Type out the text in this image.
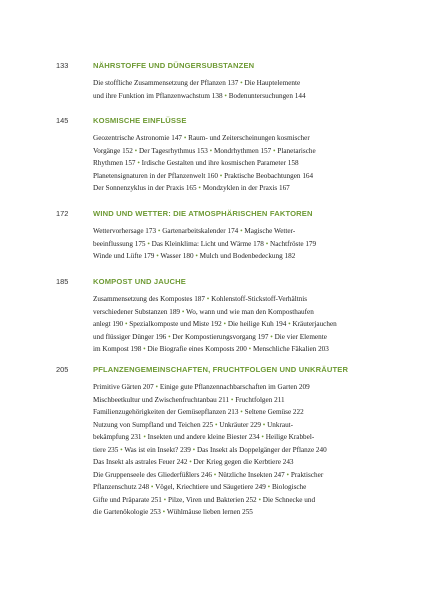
133	NÄHRSTOFFE UND DÜNGERSUBSTANZEN
Die stoffliche Zusammensetzung der Pflanzen 137 • Die Hauptelemente
und ihre Funktion im Pflanzenwachstum 138 • Bodenuntersuchungen 144
145	KOSMISCHE EINFLÜSSE
Geozentrische Astronomie 147 • Raum- und Zeiterscheinungen kosmischer
Vorgänge 152 • Der Tagesrhythmus 153 • Mondrhythmen 157 • Planetarische
Rhythmen 157 • Irdische Gestalten und ihre kosmischen Parameter 158
Planetensignaturen in der Pflanzenwelt 160 • Praktische Beobachtungen 164
Der Sonnenzyklus in der Praxis 165 • Mondzyklen in der Praxis 167
172	WIND UND WETTER: DIE ATMOSPHÄRISCHEN FAKTOREN
Wettervorhersage 173 • Gartenarbeitskalender 174 • Magische Wetter-
beeinflussung 175 • Das Kleinklima: Licht und Wärme 178 • Nachtfröste 179
Winde und Lüfte 179 • Wasser 180 • Mulch und Bodenbedeckung 182
185	KOMPOST UND JAUCHE
Zusammensetzung des Kompostes 187 • Kohlenstoff-Stickstoff-Verhältnis
verschiedener Substanzen 189 • Wo, wann und wie man den Komposthaufen
anlegt 190 • Spezialkomposte und Miste 192 • Die heilige Kuh 194 • Kräuterjauchen
und flüssiger Dünger 196 • Der Kompostierungsvorgang 197 • Die vier Elemente
im Kompost 198 • Die Biografie eines Komposts 200 • Menschliche Fäkalien 203
205	PFLANZENGEMEINSCHAFTEN, FRUCHTFOLGEN UND UNKRÄUTER
Primitive Gärten 207 • Einige gute Pflanzennachbarschaften im Garten 209
Mischbeetkultur und Zwischenfruchtanbau 211 • Fruchtfolgen 211
Familienzugehörigkeiten der Gemüsepflanzen 213 • Seltene Gemüse 222
Nutzung von Sumpfland und Teichen 225 • Unkräuter 229 • Unkraut-
bekämpfung 231 • Insekten und andere kleine Biester 234 • Heilige Krabbel-
tiere 235 • Was ist ein Insekt? 239 • Das Insekt als Doppelgänger der Pflanze 240
Das Insekt als astrales Feuer 242 • Der Krieg gegen die Kerbtiere 243
Die Gruppenseele des Gliederfüßlers 246 • Nützliche Insekten 247 • Praktischer
Pflanzenschutz 248 • Vögel, Kriechtiere und Säugetiere 249 • Biologische
Gifte und Präparate 251 • Pilze, Viren und Bakterien 252 • Die Schnecke und
die Gartenökologie 253 • Wühlmäuse lieben lernen 255
